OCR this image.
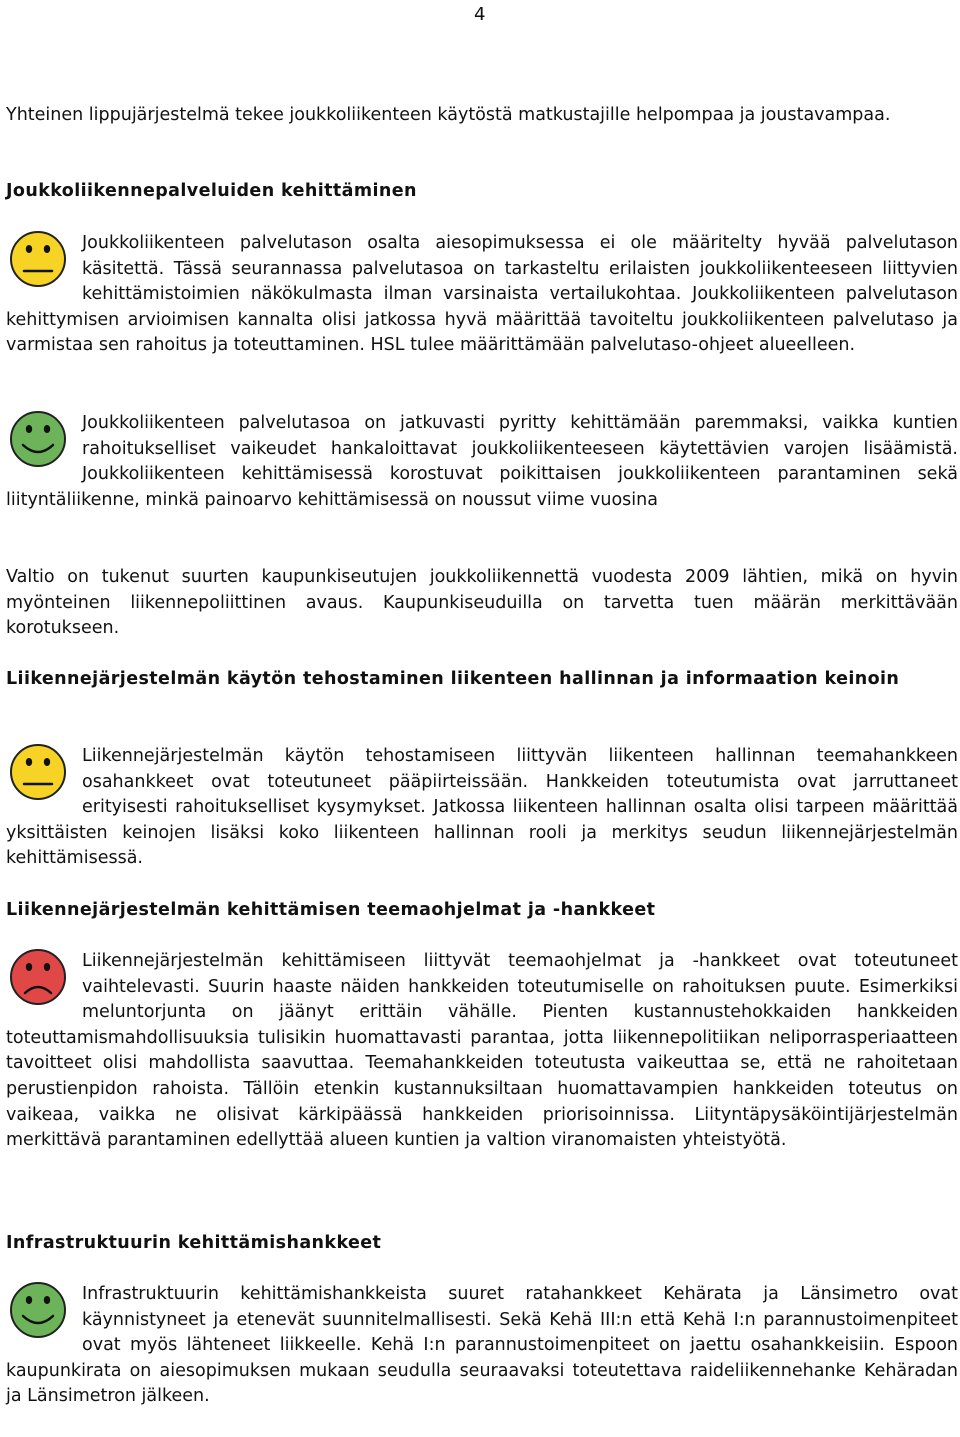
4

Yhteinen lippujärjestelmä tekee joukkoliikenteen käytöstä matkustajille helpompaa ja joustavampaa.

Joukkoliikennepalveluiden kehittäminen

Joukkoliikenteen palvelutason osalta aiesopimuksessa ei ole määritelty hyvää palvelutason käsitettä. Tässä seurannassa palvelutasoa on tarkasteltu erilaisten joukkoliikenteeseen liittyvien kehittämistoimien näkökulmasta ilman varsinaista vertailukohtaa. Joukkoliikenteen palvelutason kehittymisen arvioimisen kannalta olisi jatkossa hyvä määrittää tavoiteltu joukkoliikenteen palvelutaso ja varmistaa sen rahoitus ja toteuttaminen. HSL tulee määrittämään palvelutaso-ohjeet alueelleen.

Joukkoliikenteen palvelutasoa on jatkuvasti pyritty kehittämään paremmaksi, vaikka kuntien rahoitukselliset vaikeudet hankaloittavat joukkoliikenteeseen käytettävien varojen lisäämistä. Joukkoliikenteen kehittämisessä korostuvat poikittaisen joukkoliikenteen parantaminen sekä liityntäliikenne, minkä painoarvo kehittämisessä on noussut viime vuosina

Valtio on tukenut suurten kaupunkiseutujen joukkoliikennettä vuodesta 2009 lähtien, mikä on hyvin myönteinen liikennepoliittinen avaus. Kaupunkiseuduilla on tarvetta tuen määrän merkittävään korotukseen.

Liikennejärjestelmän käytön tehostaminen liikenteen hallinnan ja informaation keinoin

Liikennejärjestelmän käytön tehostamiseen liittyvän liikenteen hallinnan teemahankkeen osahankkeet ovat toteutuneet pääpiirteissään. Hankkeiden toteutumista ovat jarruttaneet erityisesti rahoitukselliset kysymykset. Jatkossa liikenteen hallinnan osalta olisi tarpeen määrittää yksittäisten keinojen lisäksi koko liikenteen hallinnan rooli ja merkitys seudun liikennejärjestelmän kehittämisessä.

Liikennejärjestelmän kehittämisen teemaohjelmat ja -hankkeet

Liikennejärjestelmän kehittämiseen liittyvät teemaohjelmat ja -hankkeet ovat toteutuneet vaihtelevasti. Suurin haaste näiden hankkeiden toteutumiselle on rahoituksen puute. Esimerkiksi meluntorjunta on jäänyt erittäin vähälle. Pienten kustannustehokkaiden hankkeiden toteuttamismahdollisuuksia tulisikin huomattavasti parantaa, jotta liikennepolitiikan neliporrasperiaatteen tavoitteet olisi mahdollista saavuttaa. Teemahankkeiden toteutusta vaikeuttaa se, että ne rahoitetaan perustienpidon rahoista. Tällöin etenkin kustannuksiltaan huomattavampien hankkeiden toteutus on vaikeaa, vaikka ne olisivat kärkipäässä hankkeiden priorisoinnissa. Liityntäpysäköintijärjestelmän merkittävä parantaminen edellyttää alueen kuntien ja valtion viranomaisten yhteistyötä.

Infrastruktuurin kehittämishankkeet

Infrastruktuurin kehittämishankkeista suuret ratahankkeet Kehärata ja Länsimetro ovat käynnistyneet ja etenevät suunnitelmallisesti. Sekä Kehä III:n että Kehä I:n parannustoimenpiteet ovat myös lähteneet liikkeelle. Kehä I:n parannustoimenpiteet on jaettu osahankkeisiin. Espoon kaupunkirata on aiesopimuksen mukaan seudulla seuraavaksi toteutettava raideliikennehanke Kehäradan ja Länsimetron jälkeen.
